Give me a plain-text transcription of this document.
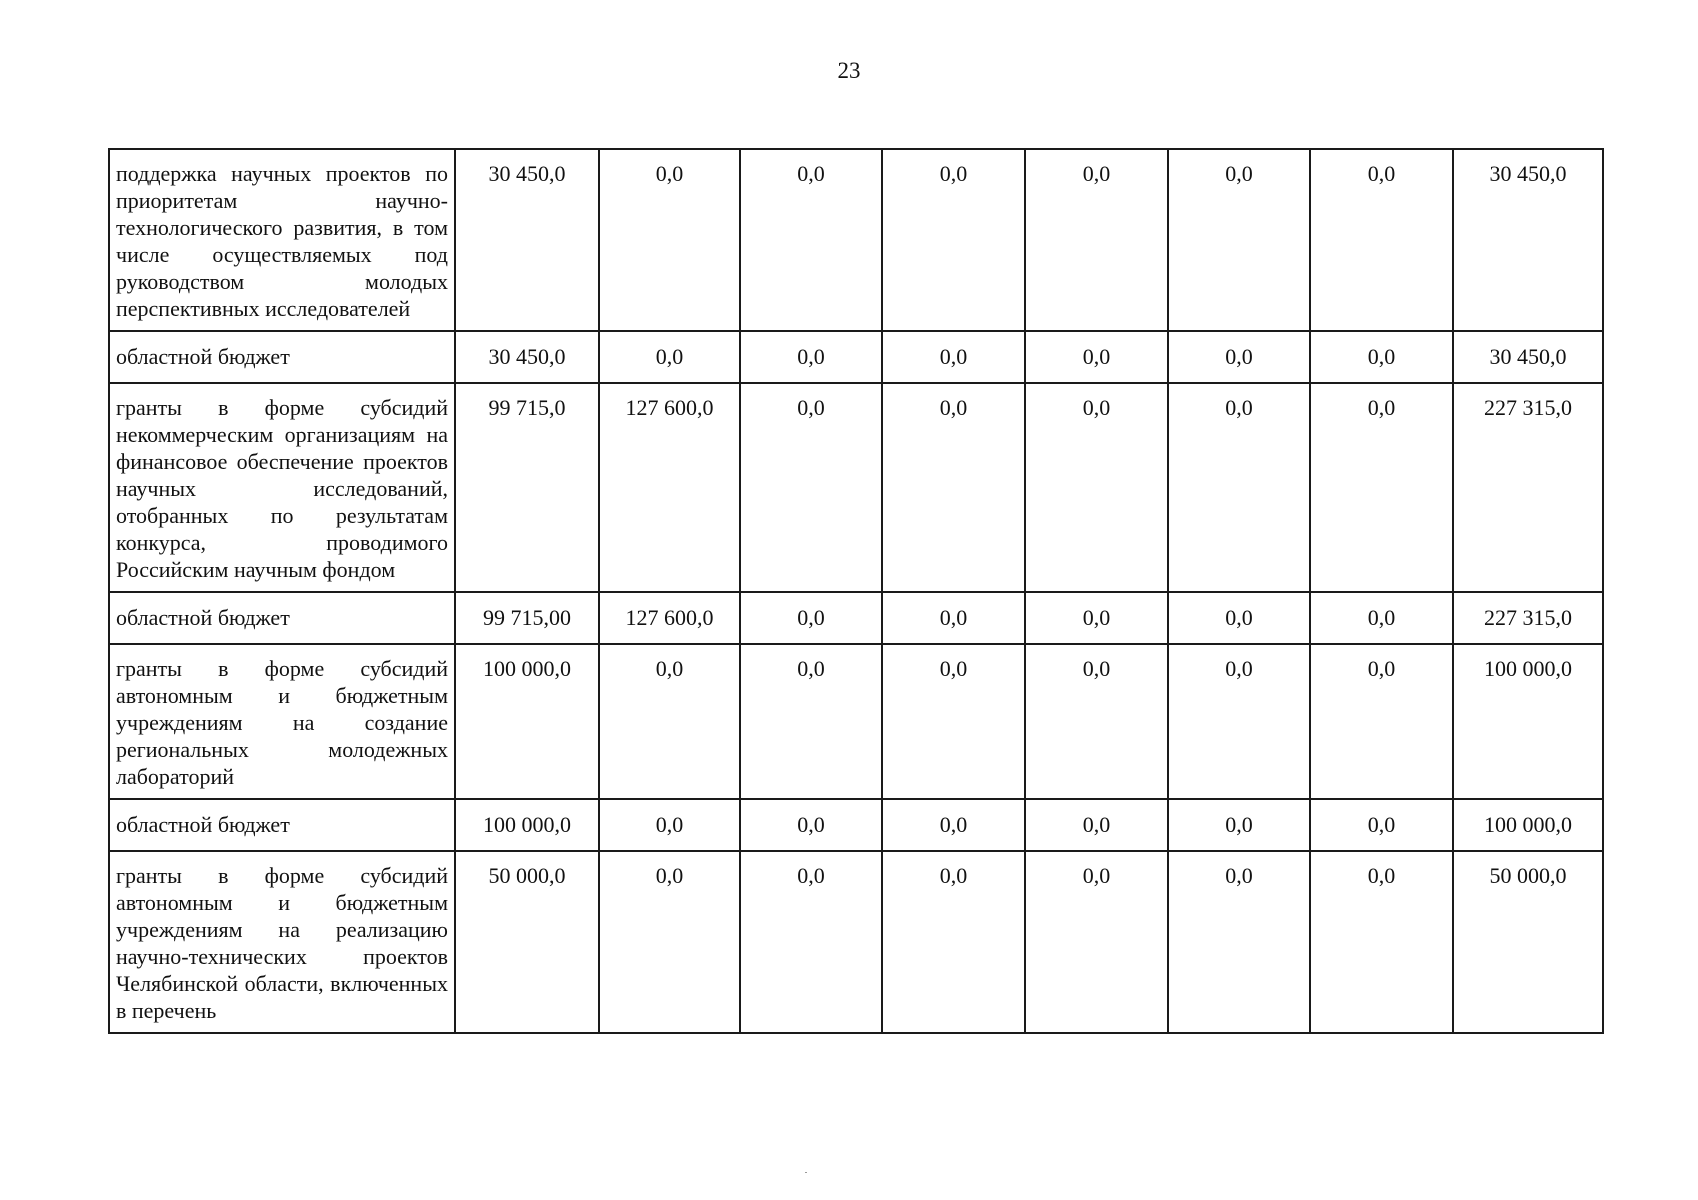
23
поддержка научных проектов по приоритетам научно-технологического развития, в том числе осуществляемых под руководством молодых перспективных исследователей	30 450,0	0,0	0,0	0,0	0,0	0,0	0,0	30 450,0
областной бюджет	30 450,0	0,0	0,0	0,0	0,0	0,0	0,0	30 450,0
гранты в форме субсидий некоммерческим организациям на финансовое обеспечение проектов научных исследований, отобранных по результатам конкурса, проводимого Российским научным фондом	99 715,0	127 600,0	0,0	0,0	0,0	0,0	0,0	227 315,0
областной бюджет	99 715,00	127 600,0	0,0	0,0	0,0	0,0	0,0	227 315,0
гранты в форме субсидий автономным и бюджетным учреждениям на создание региональных молодежных лабораторий	100 000,0	0,0	0,0	0,0	0,0	0,0	0,0	100 000,0
областной бюджет	100 000,0	0,0	0,0	0,0	0,0	0,0	0,0	100 000,0
гранты в форме субсидий автономным и бюджетным учреждениям на реализацию научно-технических проектов Челябинской области, включенных в перечень	50 000,0	0,0	0,0	0,0	0,0	0,0	0,0	50 000,0
